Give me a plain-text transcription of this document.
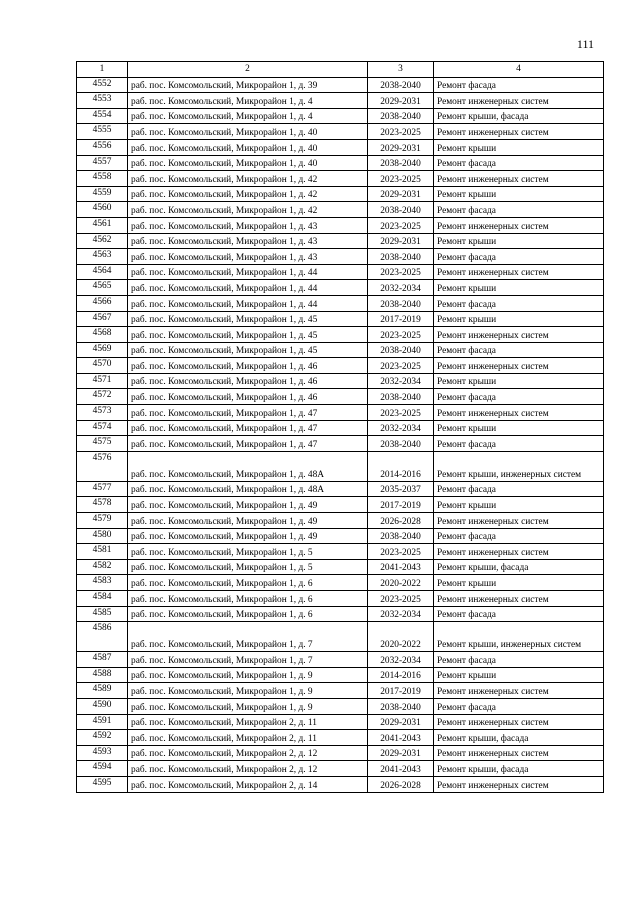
111
1	2	3	4
4552	раб. пос. Комсомольский, Микрорайон 1, д. 39	2038-2040	Ремонт фасада
4553	раб. пос. Комсомольский, Микрорайон 1, д. 4	2029-2031	Ремонт инженерных систем
4554	раб. пос. Комсомольский, Микрорайон 1, д. 4	2038-2040	Ремонт крыши, фасада
4555	раб. пос. Комсомольский, Микрорайон 1, д. 40	2023-2025	Ремонт инженерных систем
4556	раб. пос. Комсомольский, Микрорайон 1, д. 40	2029-2031	Ремонт крыши
4557	раб. пос. Комсомольский, Микрорайон 1, д. 40	2038-2040	Ремонт фасада
4558	раб. пос. Комсомольский, Микрорайон 1, д. 42	2023-2025	Ремонт инженерных систем
4559	раб. пос. Комсомольский, Микрорайон 1, д. 42	2029-2031	Ремонт крыши
4560	раб. пос. Комсомольский, Микрорайон 1, д. 42	2038-2040	Ремонт фасада
4561	раб. пос. Комсомольский, Микрорайон 1, д. 43	2023-2025	Ремонт инженерных систем
4562	раб. пос. Комсомольский, Микрорайон 1, д. 43	2029-2031	Ремонт крыши
4563	раб. пос. Комсомольский, Микрорайон 1, д. 43	2038-2040	Ремонт фасада
4564	раб. пос. Комсомольский, Микрорайон 1, д. 44	2023-2025	Ремонт инженерных систем
4565	раб. пос. Комсомольский, Микрорайон 1, д. 44	2032-2034	Ремонт крыши
4566	раб. пос. Комсомольский, Микрорайон 1, д. 44	2038-2040	Ремонт фасада
4567	раб. пос. Комсомольский, Микрорайон 1, д. 45	2017-2019	Ремонт крыши
4568	раб. пос. Комсомольский, Микрорайон 1, д. 45	2023-2025	Ремонт инженерных систем
4569	раб. пос. Комсомольский, Микрорайон 1, д. 45	2038-2040	Ремонт фасада
4570	раб. пос. Комсомольский, Микрорайон 1, д. 46	2023-2025	Ремонт инженерных систем
4571	раб. пос. Комсомольский, Микрорайон 1, д. 46	2032-2034	Ремонт крыши
4572	раб. пос. Комсомольский, Микрорайон 1, д. 46	2038-2040	Ремонт фасада
4573	раб. пос. Комсомольский, Микрорайон 1, д. 47	2023-2025	Ремонт инженерных систем
4574	раб. пос. Комсомольский, Микрорайон 1, д. 47	2032-2034	Ремонт крыши
4575	раб. пос. Комсомольский, Микрорайон 1, д. 47	2038-2040	Ремонт фасада
4576	раб. пос. Комсомольский, Микрорайон 1, д. 48А	2014-2016	Ремонт крыши, инженерных систем
4577	раб. пос. Комсомольский, Микрорайон 1, д. 48А	2035-2037	Ремонт фасада
4578	раб. пос. Комсомольский, Микрорайон 1, д. 49	2017-2019	Ремонт крыши
4579	раб. пос. Комсомольский, Микрорайон 1, д. 49	2026-2028	Ремонт инженерных систем
4580	раб. пос. Комсомольский, Микрорайон 1, д. 49	2038-2040	Ремонт фасада
4581	раб. пос. Комсомольский, Микрорайон 1, д. 5	2023-2025	Ремонт инженерных систем
4582	раб. пос. Комсомольский, Микрорайон 1, д. 5	2041-2043	Ремонт крыши, фасада
4583	раб. пос. Комсомольский, Микрорайон 1, д. 6	2020-2022	Ремонт крыши
4584	раб. пос. Комсомольский, Микрорайон 1, д. 6	2023-2025	Ремонт инженерных систем
4585	раб. пос. Комсомольский, Микрорайон 1, д. 6	2032-2034	Ремонт фасада
4586	раб. пос. Комсомольский, Микрорайон 1, д. 7	2020-2022	Ремонт крыши, инженерных систем
4587	раб. пос. Комсомольский, Микрорайон 1, д. 7	2032-2034	Ремонт фасада
4588	раб. пос. Комсомольский, Микрорайон 1, д. 9	2014-2016	Ремонт крыши
4589	раб. пос. Комсомольский, Микрорайон 1, д. 9	2017-2019	Ремонт инженерных систем
4590	раб. пос. Комсомольский, Микрорайон 1, д. 9	2038-2040	Ремонт фасада
4591	раб. пос. Комсомольский, Микрорайон 2, д. 11	2029-2031	Ремонт инженерных систем
4592	раб. пос. Комсомольский, Микрорайон 2, д. 11	2041-2043	Ремонт крыши, фасада
4593	раб. пос. Комсомольский, Микрорайон 2, д. 12	2029-2031	Ремонт инженерных систем
4594	раб. пос. Комсомольский, Микрорайон 2, д. 12	2041-2043	Ремонт крыши, фасада
4595	раб. пос. Комсомольский, Микрорайон 2, д. 14	2026-2028	Ремонт инженерных систем
